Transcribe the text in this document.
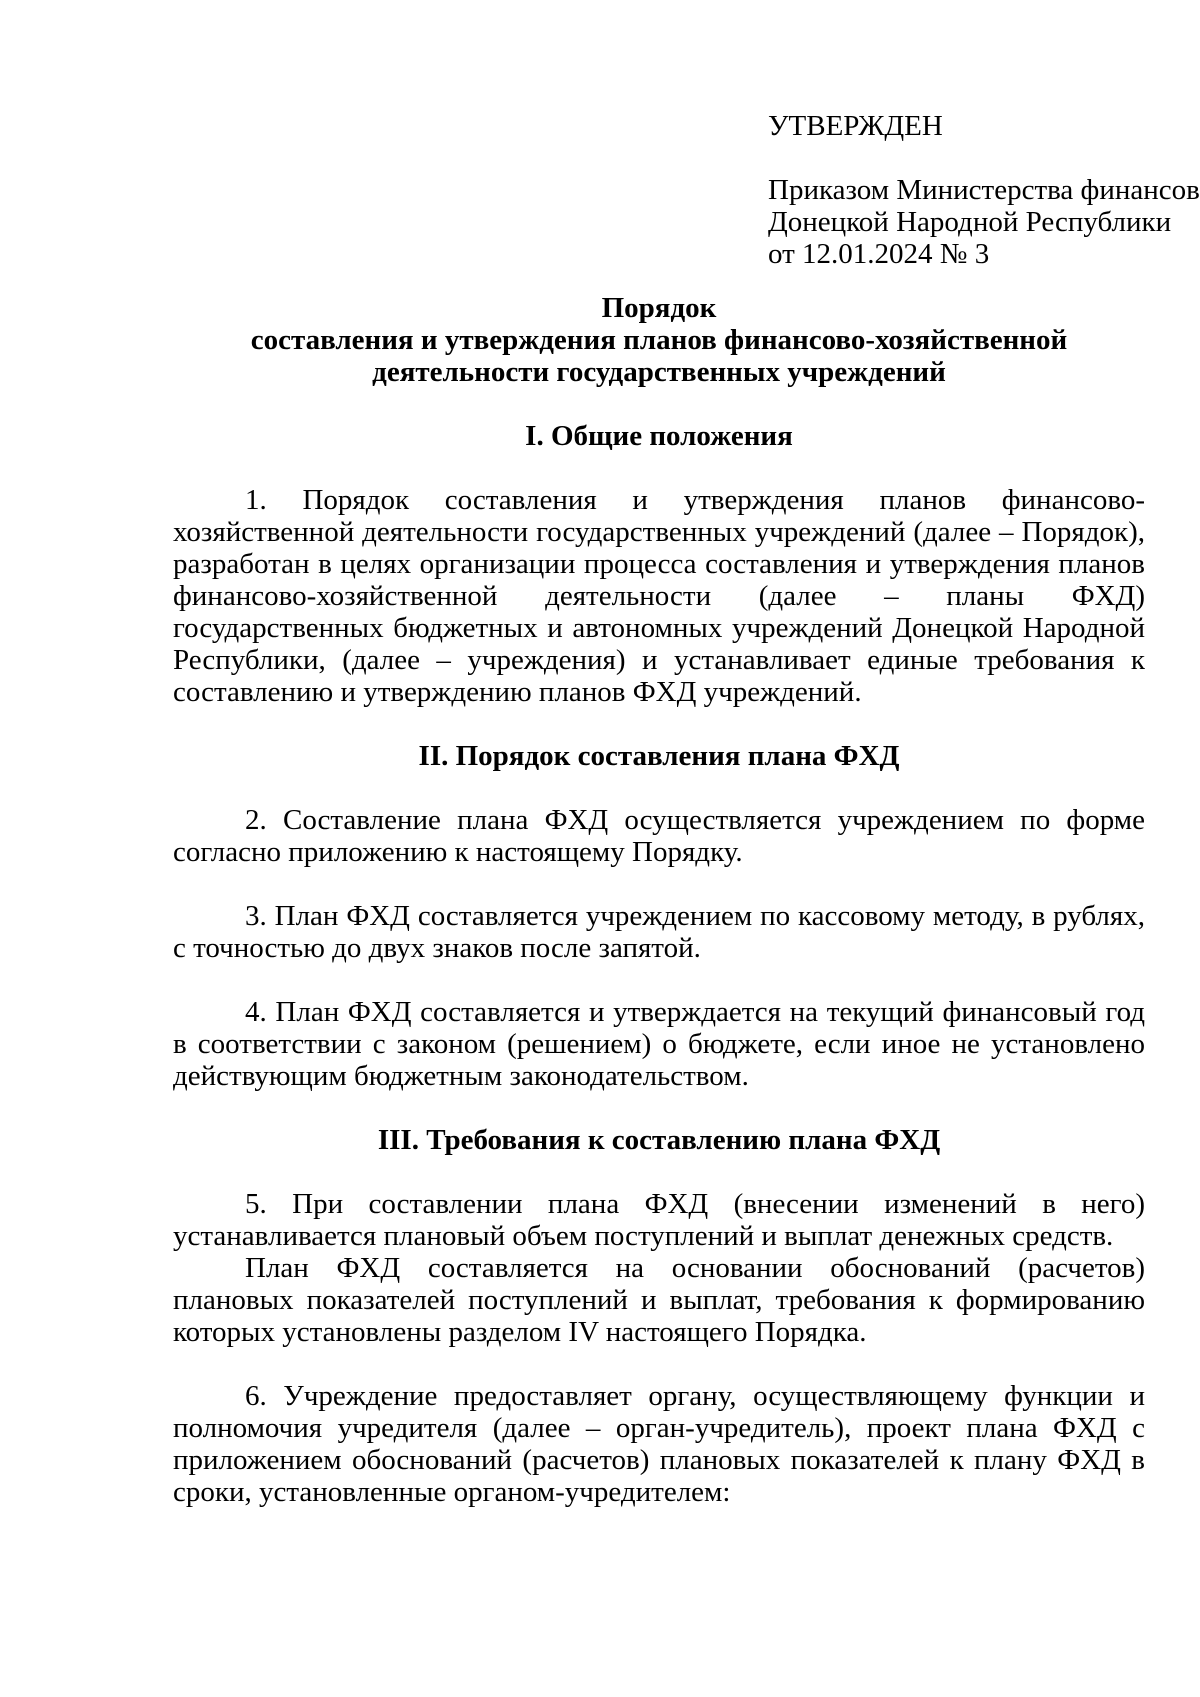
УТВЕРЖДЕН
Приказом Министерства финансов
Донецкой Народной Республики
от 12.01.2024 № 3
Порядок
составления и утверждения планов финансово-хозяйственной
деятельности государственных учреждений
I. Общие положения

1. Порядок составления и утверждения планов финансово-хозяйственной деятельности государственных учреждений (далее – Порядок), разработан в целях организации процесса составления и утверждения планов финансово-хозяйственной деятельности (далее – планы ФХД) государственных бюджетных и автономных учреждений Донецкой Народной Республики, (далее – учреждения) и устанавливает единые требования к составлению и утверждению планов ФХД учреждений.

II. Порядок составления плана ФХД

2. Составление плана ФХД осуществляется учреждением по форме согласно приложению к настоящему Порядку.

3. План ФХД составляется учреждением по кассовому методу, в рублях, с точностью до двух знаков после запятой.

4. План ФХД составляется и утверждается на текущий финансовый год в соответствии с законом (решением) о бюджете, если иное не установлено действующим бюджетным законодательством.

III. Требования к составлению плана ФХД

5. При составлении плана ФХД (внесении изменений в него) устанавливается плановый объем поступлений и выплат денежных средств.

План ФХД составляется на основании обоснований (расчетов) плановых показателей поступлений и выплат, требования к формированию которых установлены разделом IV настоящего Порядка.

6. Учреждение предоставляет органу, осуществляющему функции и полномочия учредителя (далее – орган-учредитель), проект плана ФХД с приложением обоснований (расчетов) плановых показателей к плану ФХД в сроки, установленные органом-учредителем:
